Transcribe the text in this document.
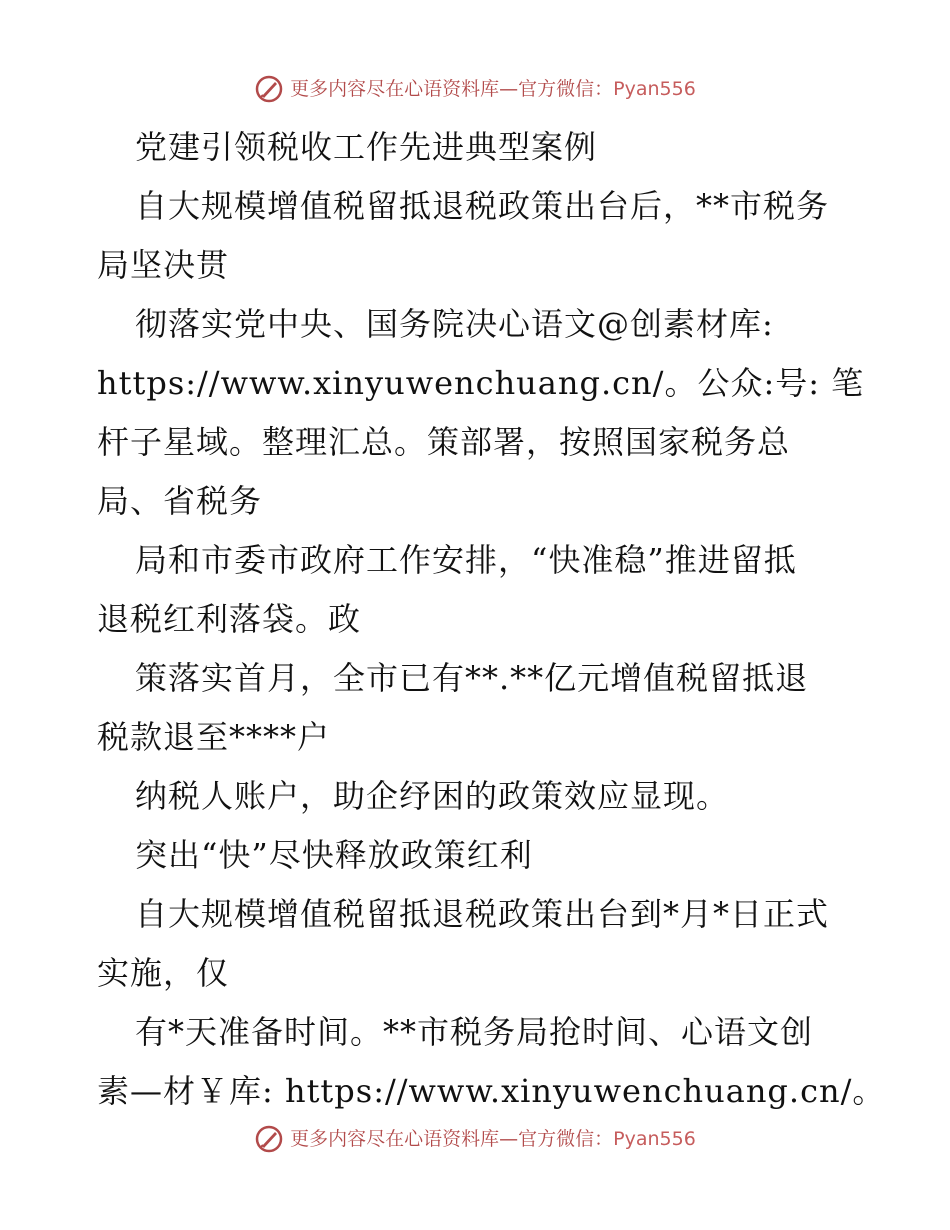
更多内容尽在心语资料库—官方微信：Pyan556
党建引领税收工作先进典型案例
自大规模增值税留抵退税政策出台后，**市税务
局坚决贯
彻落实党中央、国务院决心语文@创素材库:
https://www.xinyuwenchuang.cn/。公众:号: 笔
杆子星域。整理汇总。策部署，按照国家税务总
局、省税务
局和市委市政府工作安排，“快准稳”推进留抵
退税红利落袋。政
策落实首月，全市已有**.**亿元增值税留抵退
税款退至****户
纳税人账户，助企纾困的政策效应显现。
突出“快”尽快释放政策红利
自大规模增值税留抵退税政策出台到*月*日正式
实施，仅
有*天准备时间。**市税务局抢时间、心语文创
素—材￥库: https://www.xinyuwenchuang.cn/。
更多内容尽在心语资料库—官方微信：Pyan556
